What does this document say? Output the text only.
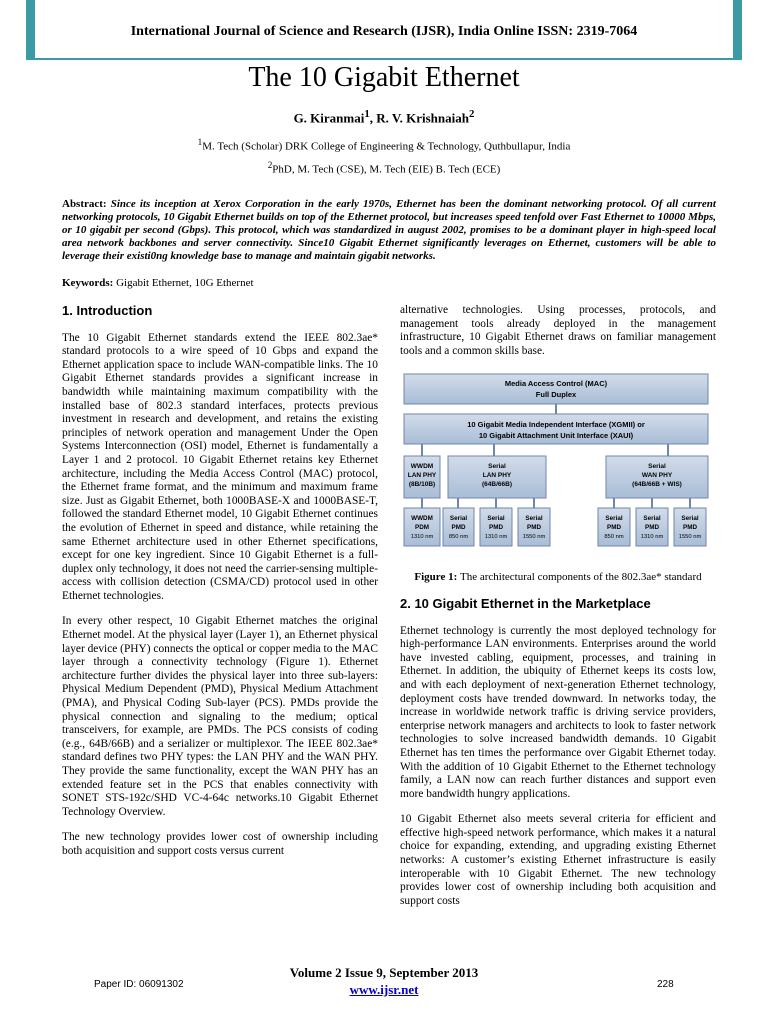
International Journal of Science and Research (IJSR), India Online ISSN: 2319-7064
The 10 Gigabit Ethernet
G. Kiranmai$^1$, R. V. Krishnaiah$^2$
$^1$M. Tech (Scholar) DRK College of Engineering & Technology, Quthbullapur, India
$^2$PhD, M. Tech (CSE), M. Tech (EIE) B. Tech (ECE)
Abstract: Since its inception at Xerox Corporation in the early 1970s, Ethernet has been the dominant networking protocol. Of all current networking protocols, 10 Gigabit Ethernet builds on top of the Ethernet protocol, but increases speed tenfold over Fast Ethernet to 10000 Mbps, or 10 gigabit per second (Gbps). This protocol, which was standardized in august 2002, promises to be a dominant player in high-speed local area network backbones and server connectivity. Since10 Gigabit Ethernet significantly leverages on Ethernet, customers will be able to leverage their existi0ng knowledge base to manage and maintain gigabit networks.
Keywords: Gigabit Ethernet, 10G Ethernet
1. Introduction

The 10 Gigabit Ethernet standards extend the IEEE 802.3ae* standard protocols to a wire speed of 10 Gbps and expand the Ethernet application space to include WAN-compatible links. The 10 Gigabit Ethernet standards provides a significant increase in bandwidth while maintaining maximum compatibility with the installed base of 802.3 standard interfaces, protects previous investment in research and development, and retains the existing principles of network operation and management Under the Open Systems Interconnection (OSI) model, Ethernet is fundamentally a Layer 1 and 2 protocol. 10 Gigabit Ethernet retains key Ethernet architecture, including the Media Access Control (MAC) protocol, the Ethernet frame format, and the minimum and maximum frame size. Just as Gigabit Ethernet, both 1000BASE-X and 1000BASE-T, followed the standard Ethernet model, 10 Gigabit Ethernet continues the evolution of Ethernet in speed and distance, while retaining the same Ethernet architecture used in other Ethernet specifications, except for one key ingredient. Since 10 Gigabit Ethernet is a full-duplex only technology, it does not need the carrier-sensing multiple-access with collision detection (CSMA/CD) protocol used in other Ethernet technologies.

In every other respect, 10 Gigabit Ethernet matches the original Ethernet model. At the physical layer (Layer 1), an Ethernet physical layer device (PHY) connects the optical or copper media to the MAC layer through a connectivity technology (Figure 1). Ethernet architecture further divides the physical layer into three sub-layers: Physical Medium Dependent (PMD), Physical Medium Attachment (PMA), and Physical Coding Sub-layer (PCS). PMDs provide the physical connection and signaling to the medium; optical transceivers, for example, are PMDs. The PCS consists of coding (e.g., 64B/66B) and a serializer or multiplexor. The IEEE 802.3ae* standard defines two PHY types: the LAN PHY and the WAN PHY. They provide the same functionality, except the WAN PHY has an extended feature set in the PCS that enables connectivity with SONET STS-192c/SHD VC-4-64c networks.10 Gigabit Ethernet Technology Overview.

The new technology provides lower cost of ownership including both acquisition and support costs versus current

alternative technologies. Using processes, protocols, and management tools already deployed in the management infrastructure, 10 Gigabit Ethernet draws on familiar management tools and a common skills base.

Media Access Control (MAC)
Full Duplex
10 Gigabit Media Independent Interface (XGMII) or
10 Gigabit Attachment Unit Interface (XAUI)
WWDM
LAN PHY
(8B/10B)
Serial
LAN PHY
(64B/66B)
Serial
WAN PHY
(64B/66B + WIS)
WWDM
PDM
1310 nm
Serial
PMD
850 nm
Serial
PMD
1310 nm
Serial
PMD
1550 nm
Serial
PMD
850 nm
Serial
PMD
1310 nm
Serial
PMD
1550 nm
Figure 1: The architectural components of the 802.3ae* standard
2. 10 Gigabit Ethernet in the Marketplace

Ethernet technology is currently the most deployed technology for high-performance LAN environments. Enterprises around the world have invested cabling, equipment, processes, and training in Ethernet. In addition, the ubiquity of Ethernet keeps its costs low, and with each deployment of next-generation Ethernet technology, deployment costs have trended downward. In networks today, the increase in worldwide network traffic is driving service providers, enterprise network managers and architects to look to faster network technologies to solve increased bandwidth demands. 10 Gigabit Ethernet has ten times the performance over Gigabit Ethernet today. With the addition of 10 Gigabit Ethernet to the Ethernet technology family, a LAN now can reach further distances and support even more bandwidth hungry applications.

10 Gigabit Ethernet also meets several criteria for efficient and effective high-speed network performance, which makes it a natural choice for expanding, extending, and upgrading existing Ethernet networks: A customer’s existing Ethernet infrastructure is easily interoperable with 10 Gigabit Ethernet. The new technology provides lower cost of ownership including both acquisition and support costs

Volume 2 Issue 9, September 2013
www.ijsr.net
Paper ID: 06091302	228
